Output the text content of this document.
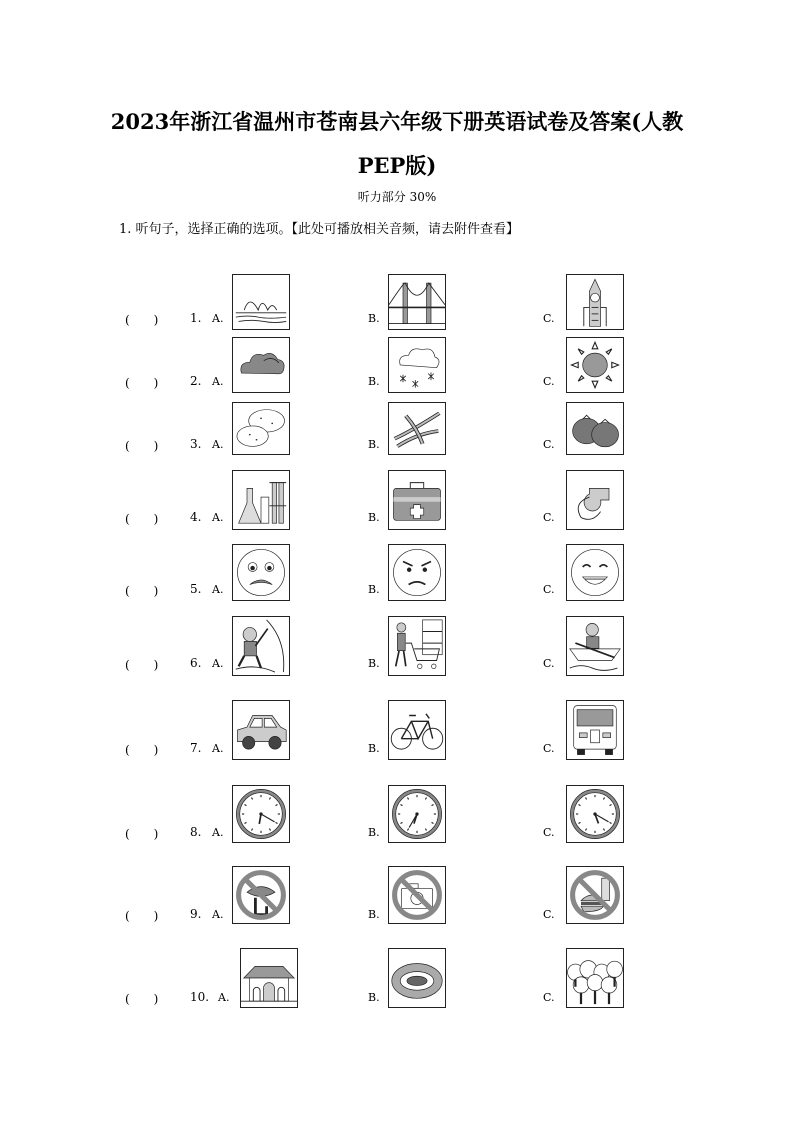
2023年浙江省温州市苍南县六年级下册英语试卷及答案(人教PEP版)
听力部分 30%
1. 听句子，选择正确的选项。【此处可播放相关音频，请去附件查看】
(　　)	1. A.	B.	C.
(　　)	2. A.	B.	C.
(　　)	3. A.	B.	C.
(　　)	4. A.	B.	C.
(　　)	5. A.	B.	C.
(　　)	6. A.	B.	C.
(　　)	7. A.	B.	C.
(　　)	8. A.	B.	C.
(　　)	9. A.	B.	C.
(　　)	10. A.	B.	C.
